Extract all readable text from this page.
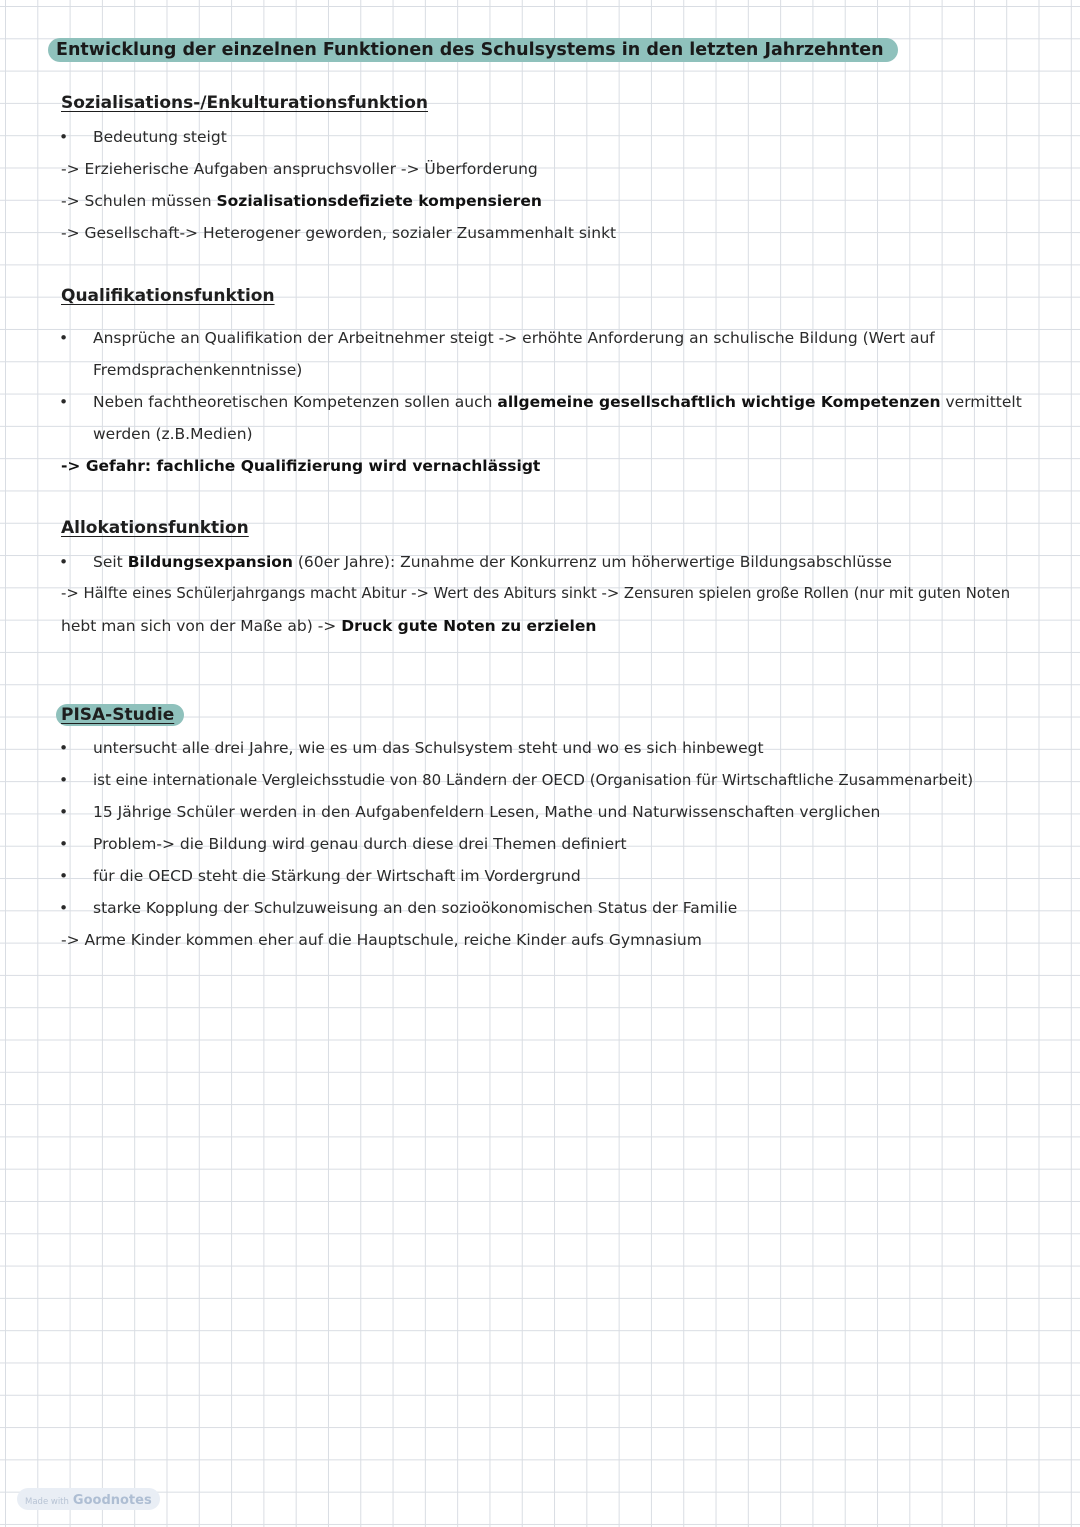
Entwicklung der einzelnen Funktionen des Schulsystems in den letzten Jahrzehnten
Sozialisations-/Enkulturationsfunktion
• Bedeutung steigt
-> Erzieherische Aufgaben anspruchsvoller -> Überforderung
-> Schulen müssen Sozialisationsdefiziete kompensieren
-> Gesellschaft-> Heterogener geworden, sozialer Zusammenhalt sinkt
Qualifikationsfunktion
• Ansprüche an Qualifikation der Arbeitnehmer steigt -> erhöhte Anforderung an schulische Bildung (Wert auf
Fremdsprachenkenntnisse)
• Neben fachtheoretischen Kompetenzen sollen auch allgemeine gesellschaftlich wichtige Kompetenzen vermittelt
werden (z.B.Medien)
-> Gefahr: fachliche Qualifizierung wird vernachlässigt
Allokationsfunktion
• Seit Bildungsexpansion (60er Jahre): Zunahme der Konkurrenz um höherwertige Bildungsabschlüsse
-> Hälfte eines Schülerjahrgangs macht Abitur -> Wert des Abiturs sinkt -> Zensuren spielen große Rollen (nur mit guten Noten
hebt man sich von der Maße ab) -> Druck gute Noten zu erzielen
PISA-Studie
• untersucht alle drei Jahre, wie es um das Schulsystem steht und wo es sich hinbewegt
• ist eine internationale Vergleichsstudie von 80 Ländern der OECD (Organisation für Wirtschaftliche Zusammenarbeit)
• 15 Jährige Schüler werden in den Aufgabenfeldern Lesen, Mathe und Naturwissenschaften verglichen
• Problem-> die Bildung wird genau durch diese drei Themen definiert
• für die OECD steht die Stärkung der Wirtschaft im Vordergrund
• starke Kopplung der Schulzuweisung an den sozioökonomischen Status der Familie
-> Arme Kinder kommen eher auf die Hauptschule, reiche Kinder aufs Gymnasium
Made with Goodnotes
